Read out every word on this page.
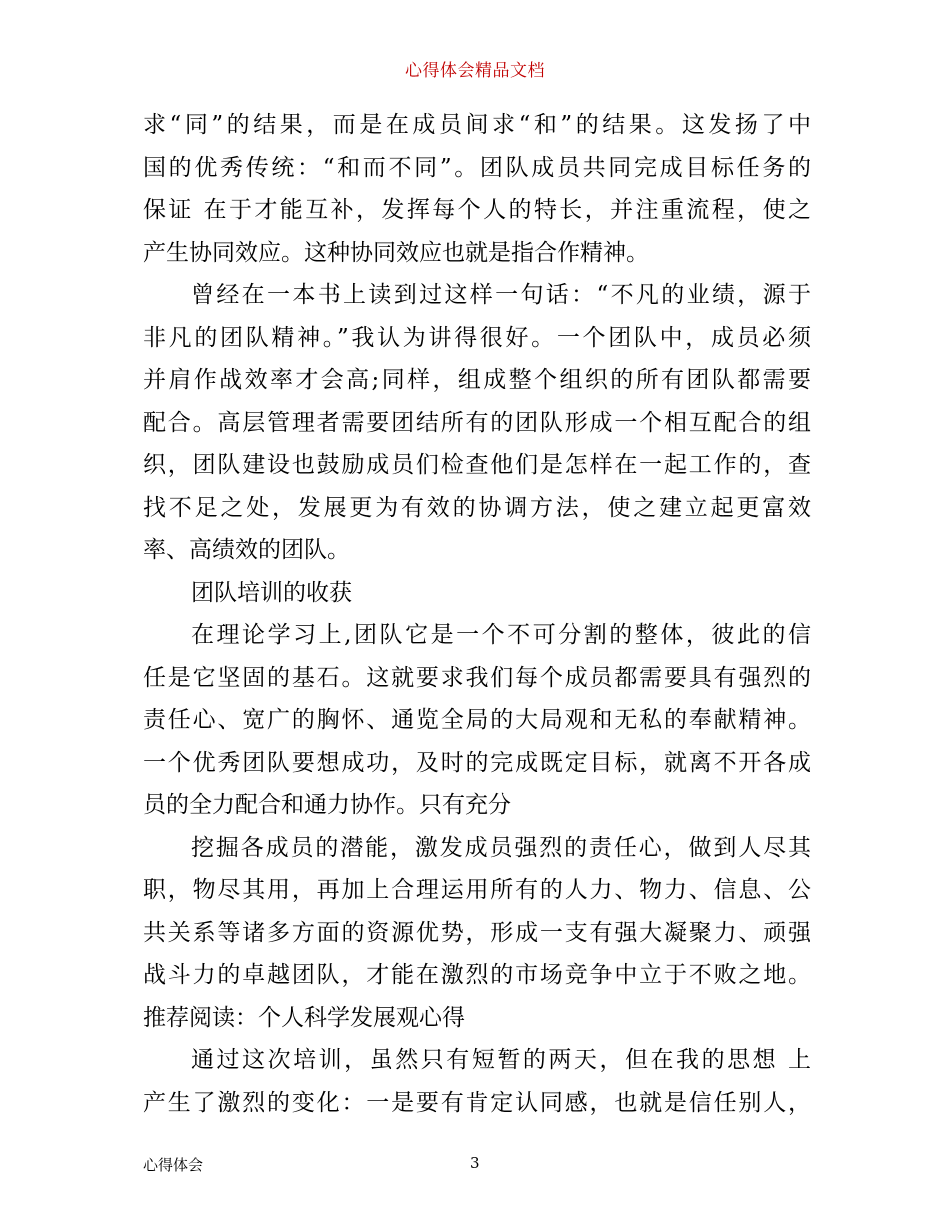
心得体会精品文档
求“同”的结果，而是在成员间求“和”的结果。这发扬了中
国的优秀传统：“和而不同”。团队成员共同完成目标任务的
保证 在于才能互补，发挥每个人的特长，并注重流程，使之
产生协同效应。这种协同效应也就是指合作精神。
曾经在一本书上读到过这样一句话：“不凡的业绩，源于
非凡的团队精神。”我认为讲得很好。一个团队中，成员必须
并肩作战效率才会高;同样，组成整个组织的所有团队都需要
配合。高层管理者需要团结所有的团队形成一个相互配合的组
织，团队建设也鼓励成员们检查他们是怎样在一起工作的，查
找不足之处，发展更为有效的协调方法，使之建立起更富效
率、高绩效的团队。
团队培训的收获
在理论学习上,团队它是一个不可分割的整体，彼此的信
任是它坚固的基石。这就要求我们每个成员都需要具有强烈的
责任心、宽广的胸怀、通览全局的大局观和无私的奉献精神。
一个优秀团队要想成功，及时的完成既定目标，就离不开各成
员的全力配合和通力协作。只有充分
挖掘各成员的潜能，激发成员强烈的责任心，做到人尽其
职，物尽其用，再加上合理运用所有的人力、物力、信息、公
共关系等诸多方面的资源优势，形成一支有强大凝聚力、顽强
战斗力的卓越团队，才能在激烈的市场竞争中立于不败之地。
推荐阅读：个人科学发展观心得
通过这次培训，虽然只有短暂的两天，但在我的思想 上
产生了激烈的变化：一是要有肯定认同感，也就是信任别人，
心得体会	3
